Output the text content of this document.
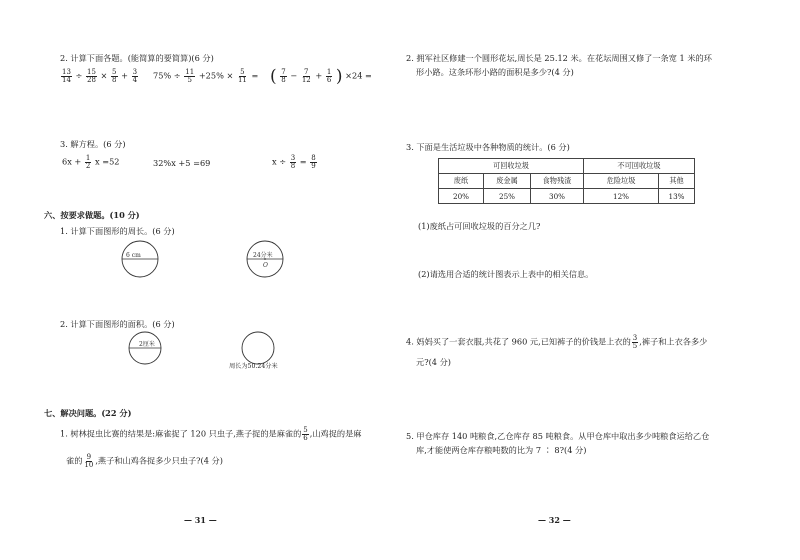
2. 计算下面各题。(能简算的要简算)(6 分)
$\frac{13}{14} \div \frac{15}{28} \times \frac{5}{8} + \frac{3}{4} 75\% \div \frac{11}{5} +25\% \times \frac{5}{11}$ = ( $\frac{7}{8} - \frac{7}{12} + \frac{1}{6}$ ) ×24 =
3. 解方程。(6 分)
$6x + \frac{1}{2}$ x =52	32%x +5 =69	$x \div \frac{3}{8} = \frac{8}{9}$
六、按要求做题。(10 分)
1. 计算下面图形的周长。(6 分)
6 cm	24分米
O
2. 计算下面图形的面积。(6 分)
2厘米
周长为50.24分米
七、解决问题。(22 分)
1. 树林捉虫比赛的结果是:麻雀捉了 120 只虫子,燕子捉的是麻雀的 $\frac{5}{6}$ ,山鸡捉的是麻
雀的 $\frac{9}{10}$ ,燕子和山鸡各捉多少只虫子?(4 分)
— 31 —
2. 拥军社区修建一个圆形花坛,周长是 25.12 米。在花坛周围又修了一条宽 1 米的环
形小路。这条环形小路的面积是多少?(4 分)
3. 下面是生活垃圾中各种物质的统计。(6 分)
可回收垃圾			不可回收垃圾	
废纸	废金属	食物残渣	危险垃圾	其他
20%	25%	30%	12%	13%
(1)废纸占可回收垃圾的百分之几?
(2)请选用合适的统计图表示上表中的相关信息。
4. 妈妈买了一套衣服,共花了 960 元,已知裤子的价钱是上衣的 $\frac{3}{5}$ ,裤子和上衣各多少
元?(4 分)
5. 甲仓库存 140 吨粮食,乙仓库存 85 吨粮食。从甲仓库中取出多少吨粮食运给乙仓
库,才能使两仓库存粮吨数的比为 7 ∶ 8?(4 分)
— 32 —
